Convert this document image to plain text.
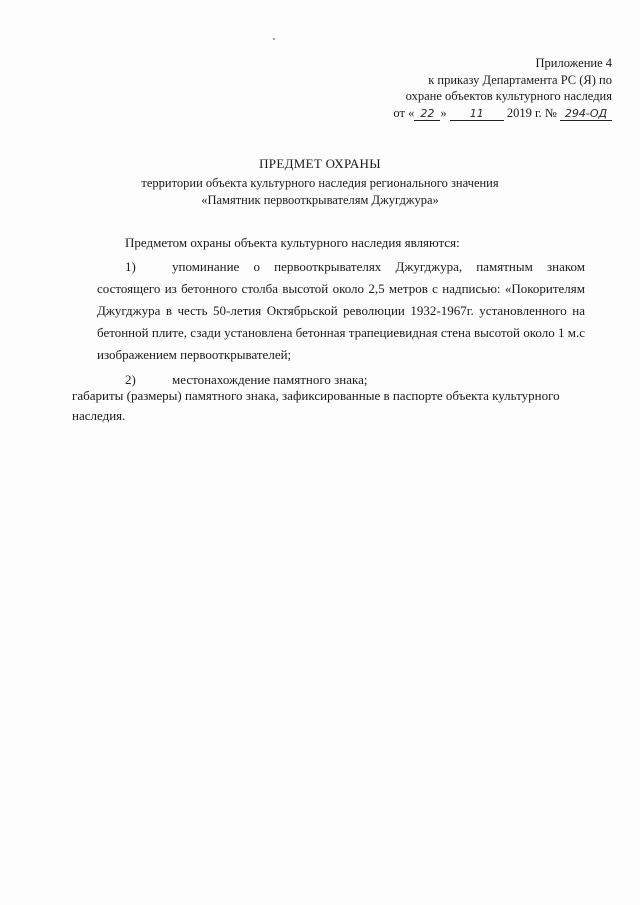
Приложение 4
к приказу Департамента РС (Я) по
охране объектов культурного наследия
от « 22 » 11 2019 г. № 294-ОД
ПРЕДМЕТ ОХРАНЫ
территории объекта культурного наследия регионального значения
«Памятник первооткрывателям Джугджура»
Предметом охраны объекта культурного наследия являются:
1)	упоминание о первооткрывателях Джугджура, памятным знаком состоящего из бетонного столба высотой около 2,5 метров с надписью: «Покорителям Джугджура в честь 50-летия Октябрьской революции 1932-1967г. установленного на бетонной плите, сзади установлена бетонная трапециевидная стена высотой около 1 м.с изображением первооткрывателей;
2)	местонахождение памятного знака;
габариты (размеры) памятного знака, зафиксированные в паспорте объекта культурного наследия.
